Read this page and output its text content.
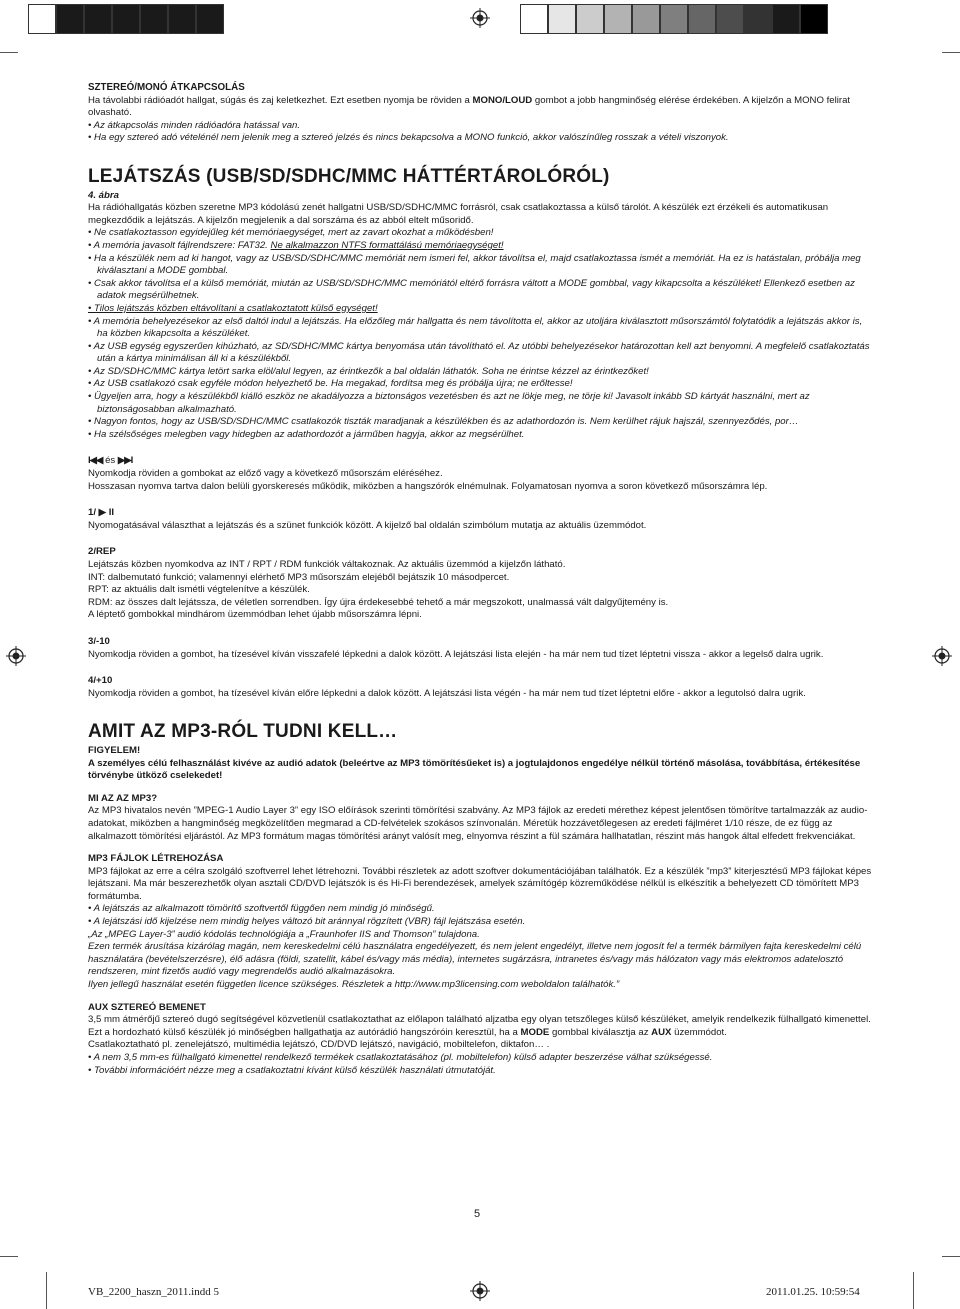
SZTEREÓ/MONÓ ÁTKAPCSOLÁS

Ha távolabbi rádióadót hallgat, súgás és zaj keletkezhet. Ezt esetben nyomja be röviden a MONO/LOUD gombot a jobb hangminőség elérése érdekében. A kijelzőn a MONO felirat olvasható.

• Az átkapcsolás minden rádióadóra hatással van.

• Ha egy sztereó adó vételénél nem jelenik meg a sztereó jelzés és nincs bekapcsolva a MONO funkció, akkor valószínűleg rosszak a vételi viszonyok.

LEJÁTSZÁS (USB/SD/SDHC/MMC HÁTTÉRTÁROLÓRÓL)

4. ábra

Ha rádióhallgatás közben szeretne MP3 kódolású zenét hallgatni USB/SD/SDHC/MMC forrásról, csak csatlakoztassa a külső tárolót. A készülék ezt érzékeli és automatikusan megkezdődik a lejátszás. A kijelzőn megjelenik a dal sorszáma és az abból eltelt műsoridő.

• Ne csatlakoztasson egyidejűleg két memóriaegységet, mert az zavart okozhat a működésben!

• A memória javasolt fájlrendszere: FAT32. Ne alkalmazzon NTFS formattálású memóriaegységet!

• Ha a készülék nem ad ki hangot, vagy az USB/SD/SDHC/MMC memóriát nem ismeri fel, akkor távolítsa el, majd csatlakoztassa ismét a memóriát. Ha ez is hatástalan, próbálja meg kiválasztani a MODE gombbal.

• Csak akkor távolítsa el a külső memóriát, miután az USB/SD/SDHC/MMC memóriától eltérő forrásra váltott a MODE gombbal, vagy kikapcsolta a készüléket! Ellenkező esetben az adatok megsérülhetnek.

• Tilos lejátszás közben eltávolítani a csatlakoztatott külső egységet!

• A memória behelyezésekor az első daltól indul a lejátszás. Ha előzőleg már hallgatta és nem távolította el, akkor az utoljára kiválasztott műsorszámtól folytatódik a lejátszás akkor is, ha közben kikapcsolta a készüléket.

• Az USB egység egyszerűen kihúzható, az SD/SDHC/MMC kártya benyomása után távolítható el. Az utóbbi behelyezésekor határozottan kell azt benyomni. A megfelelő csatlakoztatás után a kártya minimálisan áll ki a készülékből.

• Az SD/SDHC/MMC kártya letört sarka elöl/alul legyen, az érintkezők a bal oldalán láthatók. Soha ne érintse kézzel az érintkezőket!

• Az USB csatlakozó csak egyféle módon helyezhető be. Ha megakad, fordítsa meg és próbálja újra; ne erőltesse!

• Ügyeljen arra, hogy a készülékből kiálló eszköz ne akadályozza a biztonságos vezetésben és azt ne lökje meg, ne törje ki! Javasolt inkább SD kártyát használni, mert az biztonságosabban alkalmazható.

• Nagyon fontos, hogy az USB/SD/SDHC/MMC csatlakozók tiszták maradjanak a készülékben és az adathordozón is. Nem kerülhet rájuk hajszál, szennyeződés, por…

• Ha szélsőséges melegben vagy hidegben az adathordozót a járműben hagyja, akkor az megsérülhet.

I◀◀ és ▶▶I

Nyomkodja röviden a gombokat az előző vagy a következő műsorszám eléréséhez.

Hosszasan nyomva tartva dalon belüli gyorskeresés működik, miközben a hangszórók elnémulnak. Folyamatosan nyomva a soron következő műsorszámra lép.

1/ ▶ II

Nyomogatásával választhat a lejátszás és a szünet funkciók között. A kijelző bal oldalán szimbólum mutatja az aktuális üzemmódot.

2/REP

Lejátszás közben nyomkodva az INT / RPT / RDM funkciók váltakoznak. Az aktuális üzemmód a kijelzőn látható.

INT: dalbemutató funkció; valamennyi elérhető MP3 műsorszám elejéből bejátszik 10 másodpercet.

RPT: az aktuális dalt ismétli végtelenítve a készülék.

RDM: az összes dalt lejátssza, de véletlen sorrendben. Így újra érdekesebbé tehető a már megszokott, unalmassá vált dalgyűjtemény is.

A léptető gombokkal mindhárom üzemmódban lehet újabb műsorszámra lépni.

3/-10

Nyomkodja röviden a gombot, ha tízesével kíván visszafelé lépkedni a dalok között. A lejátszási lista elején - ha már nem tud tízet léptetni vissza - akkor a legelső dalra ugrik.

4/+10

Nyomkodja röviden a gombot, ha tízesével kíván előre lépkedni a dalok között. A lejátszási lista végén - ha már nem tud tízet léptetni előre - akkor a legutolsó dalra ugrik.

AMIT AZ MP3-RÓL TUDNI KELL…

FIGYELEM!

A személyes célú felhasználást kivéve az audió adatok (beleértve az MP3 tömörítésűeket is) a jogtulajdonos engedélye nélkül történő másolása, továbbítása, értékesítése törvénybe ütköző cselekedet!

MI AZ AZ MP3?

Az MP3 hivatalos nevén ”MPEG-1 Audio Layer 3” egy ISO előírások szerinti tömörítési szabvány. Az MP3 fájlok az eredeti mérethez képest jelentősen tömörítve tartalmazzák az audio-adatokat, miközben a hangminőség megközelítően megmarad a CD-felvételek szokásos színvonalán. Méretük hozzávetőlegesen az eredeti fájlméret 1/10 része, de ez függ az alkalmazott tömörítési eljárástól. Az MP3 formátum magas tömörítési arányt valósít meg, elnyomva részint a fül számára hallhatatlan, részint más hangok által elfedett frekvenciákat.

MP3 FÁJLOK LÉTREHOZÁSA

MP3 fájlokat az erre a célra szolgáló szoftverrel lehet létrehozni. További részletek az adott szoftver dokumentációjában találhatók. Ez a készülék ”mp3” kiterjesztésű MP3 fájlokat képes lejátszani. Ma már beszerezhetők olyan asztali CD/DVD lejátszók is és Hi-Fi berendezések, amelyek számítógép közreműködése nélkül is elkészítik a behelyezett CD tömörített MP3 formátumba.

• A lejátszás az alkalmazott tömörítő szoftvertől függően nem mindig jó minőségű.

• A lejátszási idő kijelzése nem mindig helyes változó bit aránnyal rögzített (VBR) fájl lejátszása esetén.

„Az „MPEG Layer-3” audió kódolás technológiája a „Fraunhofer IIS and Thomson” tulajdona.

Ezen termék árusítása kizárólag magán, nem kereskedelmi célú használatra engedélyezett, és nem jelent engedélyt, illetve nem jogosít fel a termék bármilyen fajta kereskedelmi célú használatára (bevételszerzésre), élő adásra (földi, szatellit, kábel és/vagy más média), internetes sugárzásra, intranetes és/vagy más hálózaton vagy más elektromos adatelosztó rendszeren, mint fizetős audió vagy megrendelős audió alkalmazásokra.

Ilyen jellegű használat esetén független licence szükséges. Részletek a http://www.mp3licensing.com weboldalon találhatók.”

AUX SZTEREÓ BEMENET

3,5 mm átmérőjű sztereó dugó segítségével közvetlenül csatlakoztathat az előlapon található aljzatba egy olyan tetszőleges külső készüléket, amelyik rendelkezik fülhallgató kimenettel. Ezt a hordozható külső készülék jó minőségben hallgathatja az autórádió hangszóróin keresztül, ha a MODE gombbal kiválasztja az AUX üzemmódot.

Csatlakoztatható pl. zenelejátszó, multimédia lejátszó, CD/DVD lejátszó, navigáció, mobiltelefon, diktafon… .

• A nem 3,5 mm-es fülhallgató kimenettel rendelkező termékek csatlakoztatásához (pl. mobiltelefon) külső adapter beszerzése válhat szükségessé.

• További információért nézze meg a csatlakoztatni kívánt külső készülék használati útmutatóját.

5
VB_2200_haszn_2011.indd 5	2011.01.25. 10:59:54
